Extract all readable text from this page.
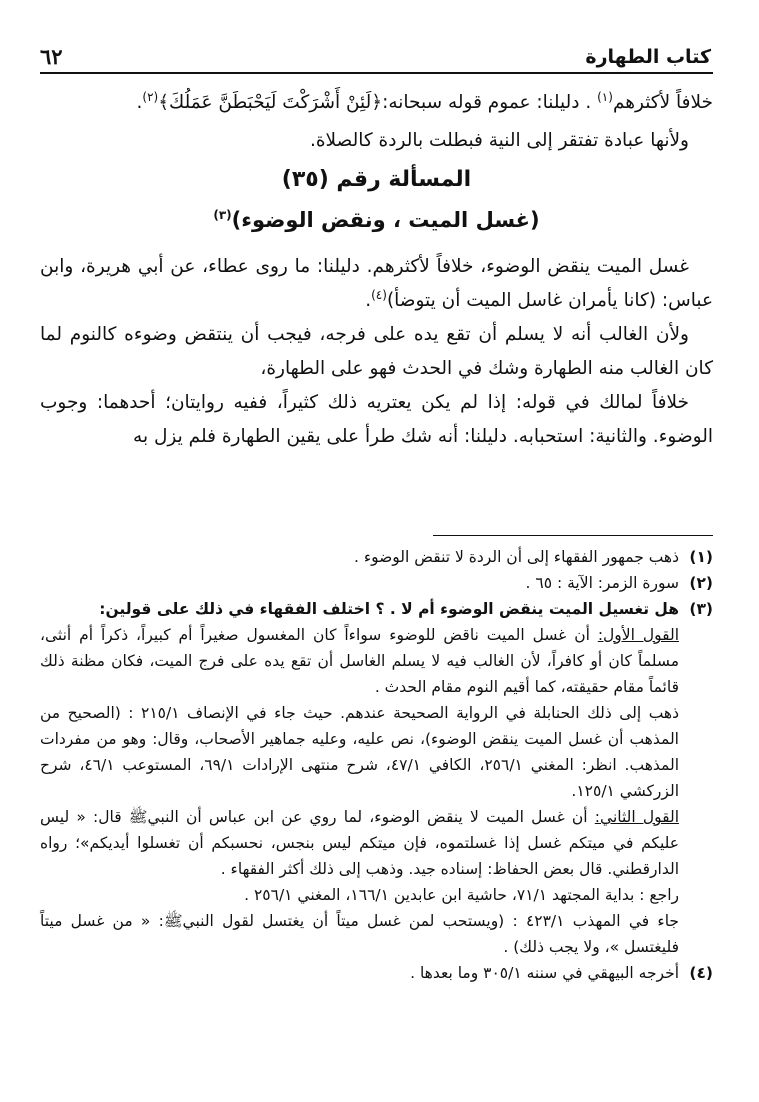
كتاب الطهارة
٦٢

خلافاً لأكثرهم$^{(١)}$ . دليلنا: عموم قوله سبحانه:﴿لَئِنْ أَشْرَكْتَ لَيَحْبَطَنَّ عَمَلُكَ﴾$^{(٢)}$.

ولأنها عبادة تفتقر إلى النية فبطلت بالردة كالصلاة.

المسألة رقم (٣٥)
(غسل الميت ، ونقض الوضوء)$^{(٣)}$

غسل الميت ينقض الوضوء، خلافاً لأكثرهم. دليلنا: ما روى عطاء، عن أبي هريرة، وابن عباس: (كانا يأمران غاسل الميت أن يتوضأ)$^{(٤)}$.

ولأن الغالب أنه لا يسلم أن تقع يده على فرجه، فيجب أن ينتقض وضوءه كالنوم لما كان الغالب منه الطهارة وشك في الحدث فهو على الطهارة،

خلافاً لمالك في قوله: إذا لم يكن يعتريه ذلك كثيراً، ففيه روايتان؛ أحدهما: وجوب الوضوء. والثانية: استحبابه. دليلنا: أنه شك طرأ على يقين الطهارة فلم يزل به

(١)
ذهب جمهور الفقهاء إلى أن الردة لا تنقض الوضوء .
(٢)
سورة الزمر: الآية : ٦٥ .
(٣)
هل تغسيل الميت ينقض الوضوء أم لا . ؟ اختلف الفقهاء في ذلك على قولين:

القول الأول: أن غسل الميت ناقض للوضوء سواءاً كان المغسول صغيراً أم كبيراً، ذكراً أم أنثى، مسلماً كان أو كافراً، لأن الغالب فيه لا يسلم الغاسل أن تقع يده على فرج الميت، فكان مظنة ذلك قائماً مقام حقيقته، كما أقيم النوم مقام الحدث .

ذهب إلى ذلك الحنابلة في الرواية الصحيحة عندهم. حيث جاء في الإنصاف ٢١٥/١ : (الصحيح من المذهب أن غسل الميت ينقض الوضوء)، نص عليه، وعليه جماهير الأصحاب، وقال: وهو من مفردات المذهب. انظر: المغني ٢٥٦/١، الكافي ٤٧/١، شرح منتهى الإرادات ٦٩/١، المستوعب ٤٦/١، شرح الزركشي ١٢٥/١.

القول الثاني: أن غسل الميت لا ينقض الوضوء، لما روي عن ابن عباس أن النبيﷺ قال: « ليس عليكم في ميتكم غسل إذا غسلتموه، فإن ميتكم ليس بنجس، نحسبكم أن تغسلوا أيديكم»؛ رواه الدارقطني. قال بعض الحفاظ: إسناده جيد. وذهب إلى ذلك أكثر الفقهاء .

راجع : بداية المجتهد ٧١/١، حاشية ابن عابدين ١٦٦/١، المغني ٢٥٦/١ .

جاء في المهذب ٤٢٣/١ : (ويستحب لمن غسل ميتاً أن يغتسل لقول النبيﷺ: « من غسل ميتاً فليغتسل »، ولا يجب ذلك) .

(٤)
أخرجه البيهقي في سننه ٣٠٥/١ وما بعدها .
